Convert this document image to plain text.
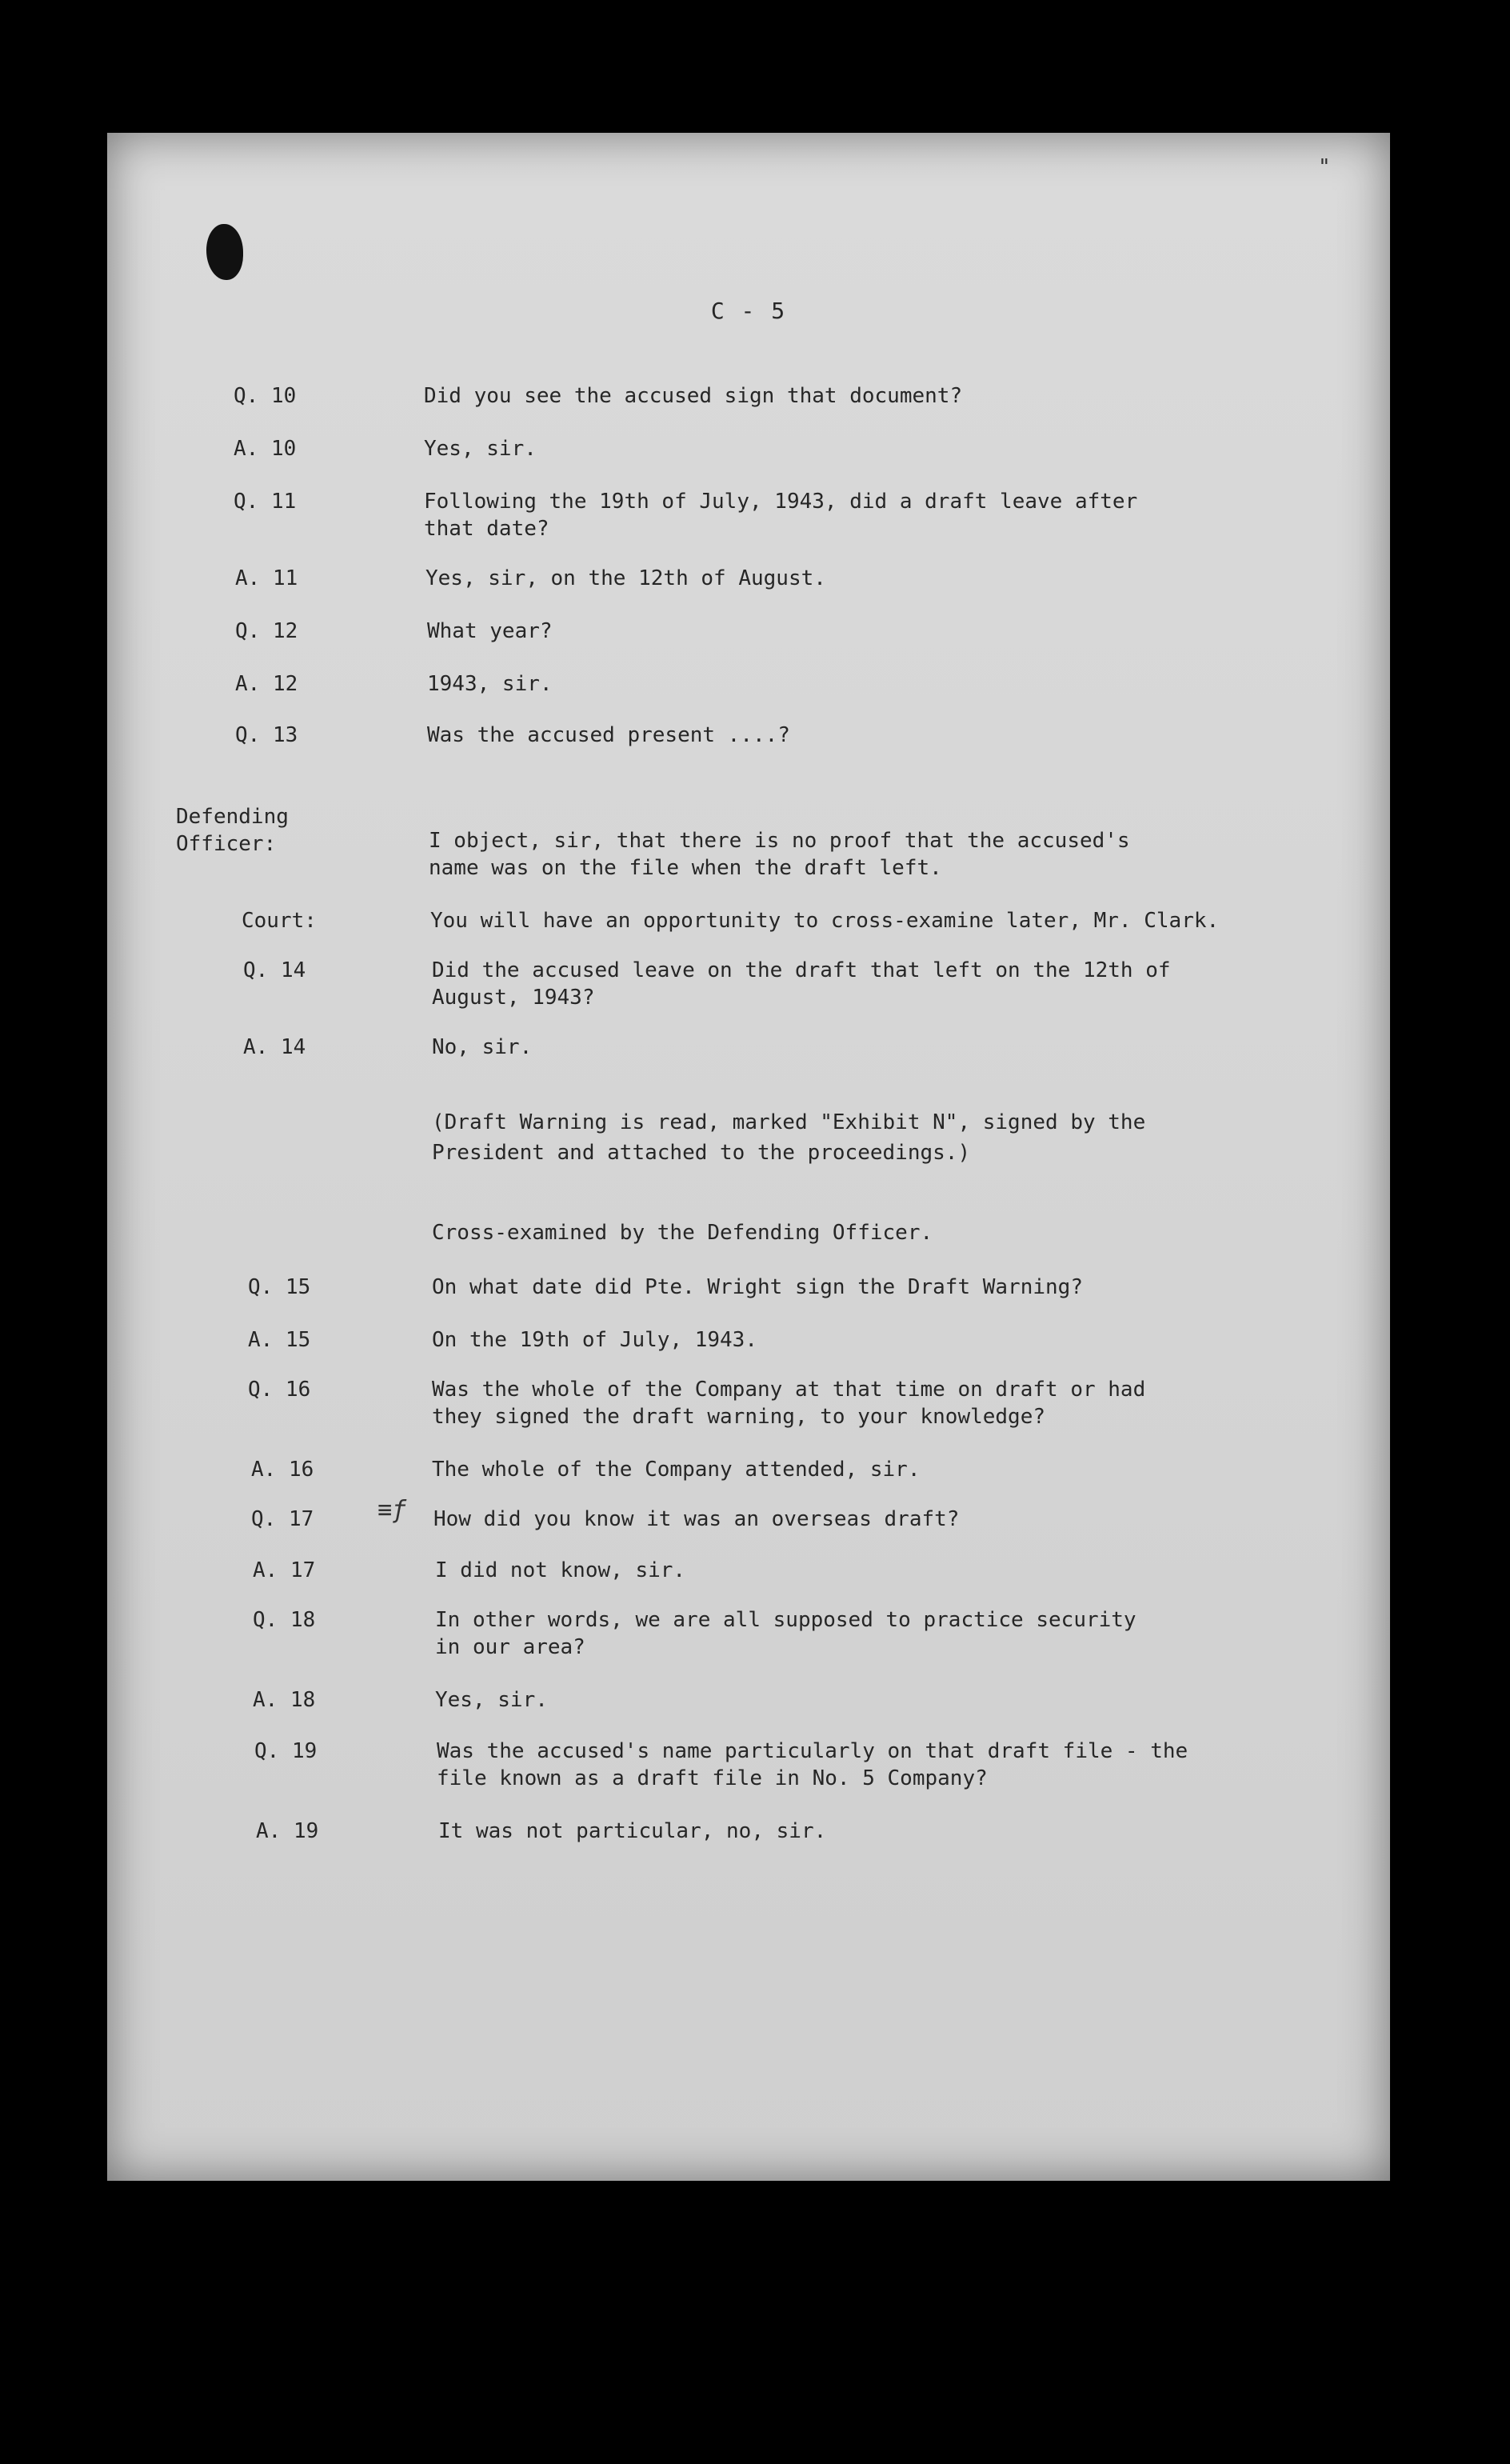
"
C - 5
Q. 10	Did you see the accused sign that document?
A. 10	Yes, sir.
Q. 11	Following the 19th of July, 1943, did a draft leave after
that date?
A. 11	Yes, sir, on the 12th of August.
Q. 12	What year?
A. 12	1943, sir.
Q. 13	Was the accused present ....?
Defending
Officer:	I object, sir, that there is no proof that the accused's
name was on the file when the draft left.
Court:	You will have an opportunity to cross-examine later, Mr. Clark.
Q. 14	Did the accused leave on the draft that left on the 12th of
August, 1943?
A. 14	No, sir.
(Draft Warning is read, marked "Exhibit N", signed by the
President and attached to the proceedings.)
Cross-examined by the Defending Officer.
Q. 15	On what date did Pte. Wright sign the Draft Warning?
A. 15	On the 19th of July, 1943.
Q. 16	Was the whole of the Company at that time on draft or had
they signed the draft warning, to your knowledge?
A. 16	The whole of the Company attended, sir.
≡ƒ
Q. 17	How did you know it was an overseas draft?
A. 17	I did not know, sir.
Q. 18	In other words, we are all supposed to practice security
in our area?
A. 18	Yes, sir.
Q. 19	Was the accused's name particularly on that draft file - the
file known as a draft file in No. 5 Company?
A. 19	It was not particular, no, sir.
